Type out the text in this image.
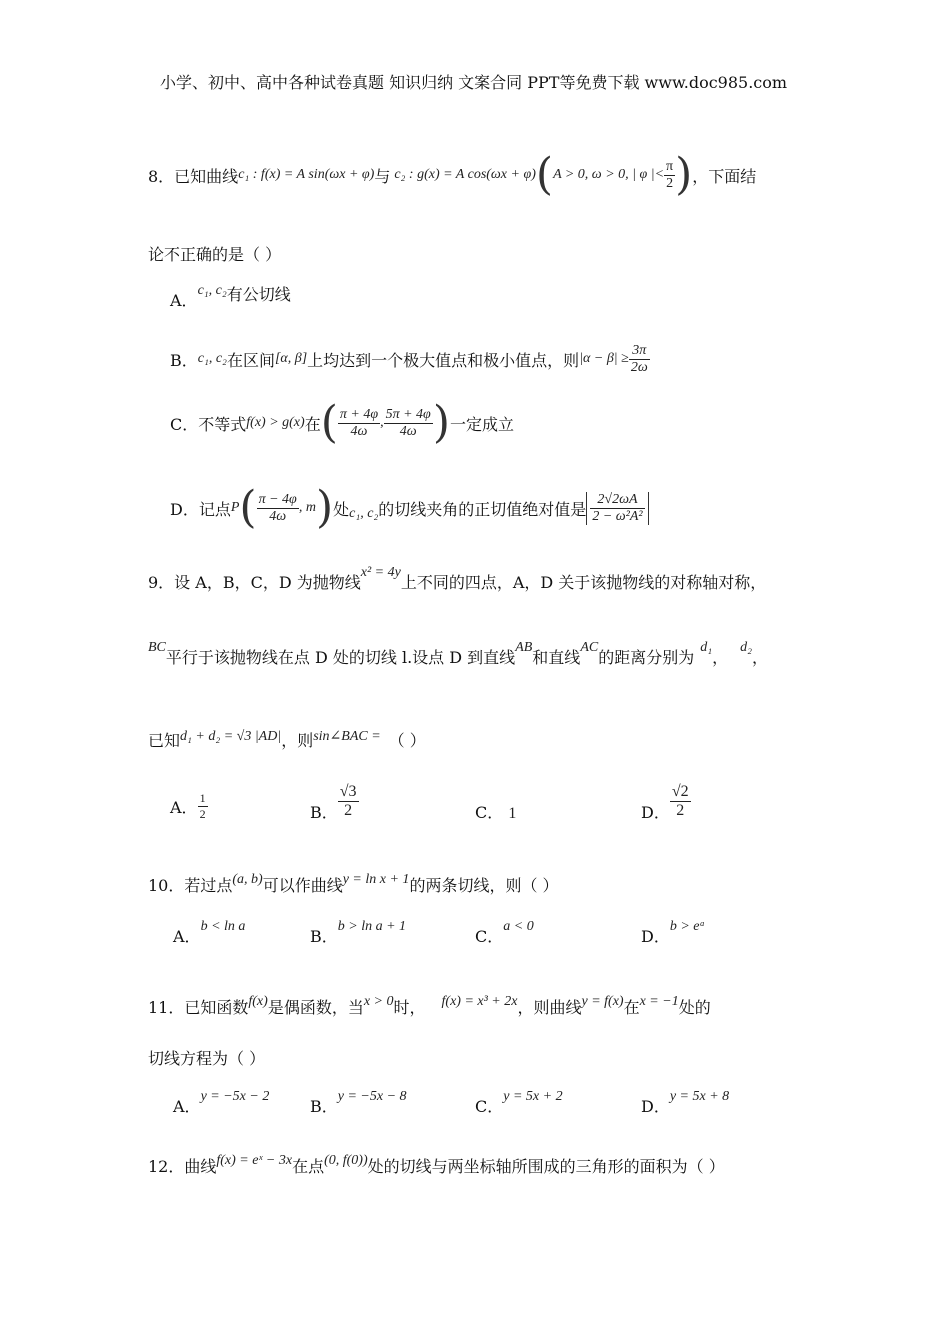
小学、初中、高中各种试卷真题 知识归纳 文案合同 PPT等免费下载 www.doc985.com
8．已知曲线 c₁ : f(x) = A sin(ωx + φ) 与 c₂ : g(x) = A cos(ωx + φ) ( A > 0, ω > 0, | φ |< $\frac{\pi}{2}$ ) ，下面结
论不正确的是（ ）
A．
c₁, c₂ 有公切线
B． c₁, c₂ 在区间 [α, β] 上均达到一个极大值点和极小值点，则 $|\alpha - \beta| \ge \frac{3\pi}{2\omega}$
C． 不等式 f(x) > g(x) 在 ( $\frac{\pi + 4\varphi}{4\omega}$ , $\frac{5\pi + 4\varphi}{4\omega}$ ) 一定成立
D． 记点 P ( $\frac{\pi - 4\varphi}{4\omega}$ , m ) 处 c₁, c₂ 的切线夹角的正切值绝对值是 $\frac{2√2\omega A}{\text{2 − ω²A²}}$
9．设 A，B，C，D 为抛物线
x² = 4y
上不同的四点，A，D 关于该抛物线的对称轴对称，
BC
平行于该抛物线在点 D 处的切线 l.设点 D 到直线
AB
和直线
AC
的距离分别为
d₁
，
d₂
，
已知 d₁ + d₂ = √3 |AD| ，则 sin∠BAC = （ ）
A． $\frac{1}{2}$	B． $\frac{√3}{2}$	C． 1	D． $\frac{√2}{2}$
10．若过点 (a, b) 可以作曲线 y = ln x + 1 的两条切线，则（ ）
A．
b < ln a
B．
b > ln a + 1
C．
a < 0
D．
b > eᵃ
11．已知函数 f(x) 是偶函数，当 x > 0 时， f(x) = x³ + 2x ，则曲线 y = f(x) 在 x = −1 处的
切线方程为（ ）
A．
y = −5x − 2
B．
y = −5x − 8
C．
y = 5x + 2
D．
y = 5x + 8
12．曲线 f(x) = eˣ − 3x 在点 (0, f(0)) 处的切线与两坐标轴所围成的三角形的面积为（ ）
